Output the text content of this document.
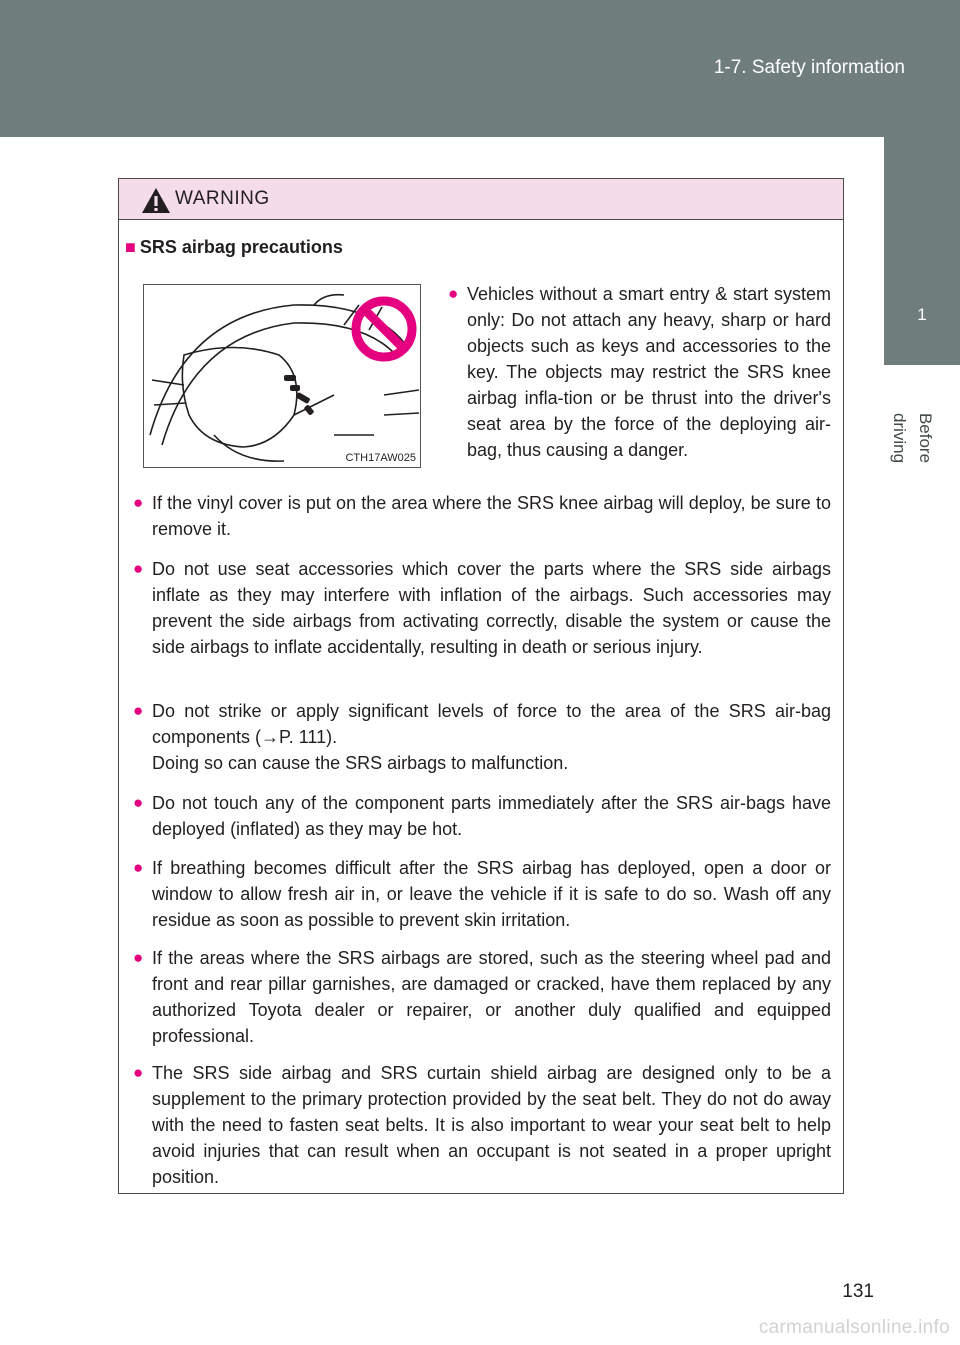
1-7. Safety information
1
Before driving
WARNING
■ SRS airbag precautions
CTH17AW025
● Vehicles without a smart entry & start system only: Do not attach any heavy, sharp or hard objects such as keys and accessories to the key. The objects may restrict the SRS knee airbag infla-tion or be thrust into the driver's seat area by the force of the deploying air-bag, thus causing a danger.
● If the vinyl cover is put on the area where the SRS knee airbag will deploy, be sure to remove it.
● Do not use seat accessories which cover the parts where the SRS side airbags inflate as they may interfere with inflation of the airbags. Such accessories may prevent the side airbags from activating correctly, disable the system or cause the side airbags to inflate accidentally, resulting in death or serious injury.
● Do not strike or apply significant levels of force to the area of the SRS air-bag components (→P. 111).
Doing so can cause the SRS airbags to malfunction.
● Do not touch any of the component parts immediately after the SRS air-bags have deployed (inflated) as they may be hot.
● If breathing becomes difficult after the SRS airbag has deployed, open a door or window to allow fresh air in, or leave the vehicle if it is safe to do so. Wash off any residue as soon as possible to prevent skin irritation.
● If the areas where the SRS airbags are stored, such as the steering wheel pad and front and rear pillar garnishes, are damaged or cracked, have them replaced by any authorized Toyota dealer or repairer, or another duly qualified and equipped professional.
● The SRS side airbag and SRS curtain shield airbag are designed only to be a supplement to the primary protection provided by the seat belt. They do not do away with the need to fasten seat belts. It is also important to wear your seat belt to help avoid injuries that can result when an occupant is not seated in a proper upright position.
131
carmanualsonline.info
